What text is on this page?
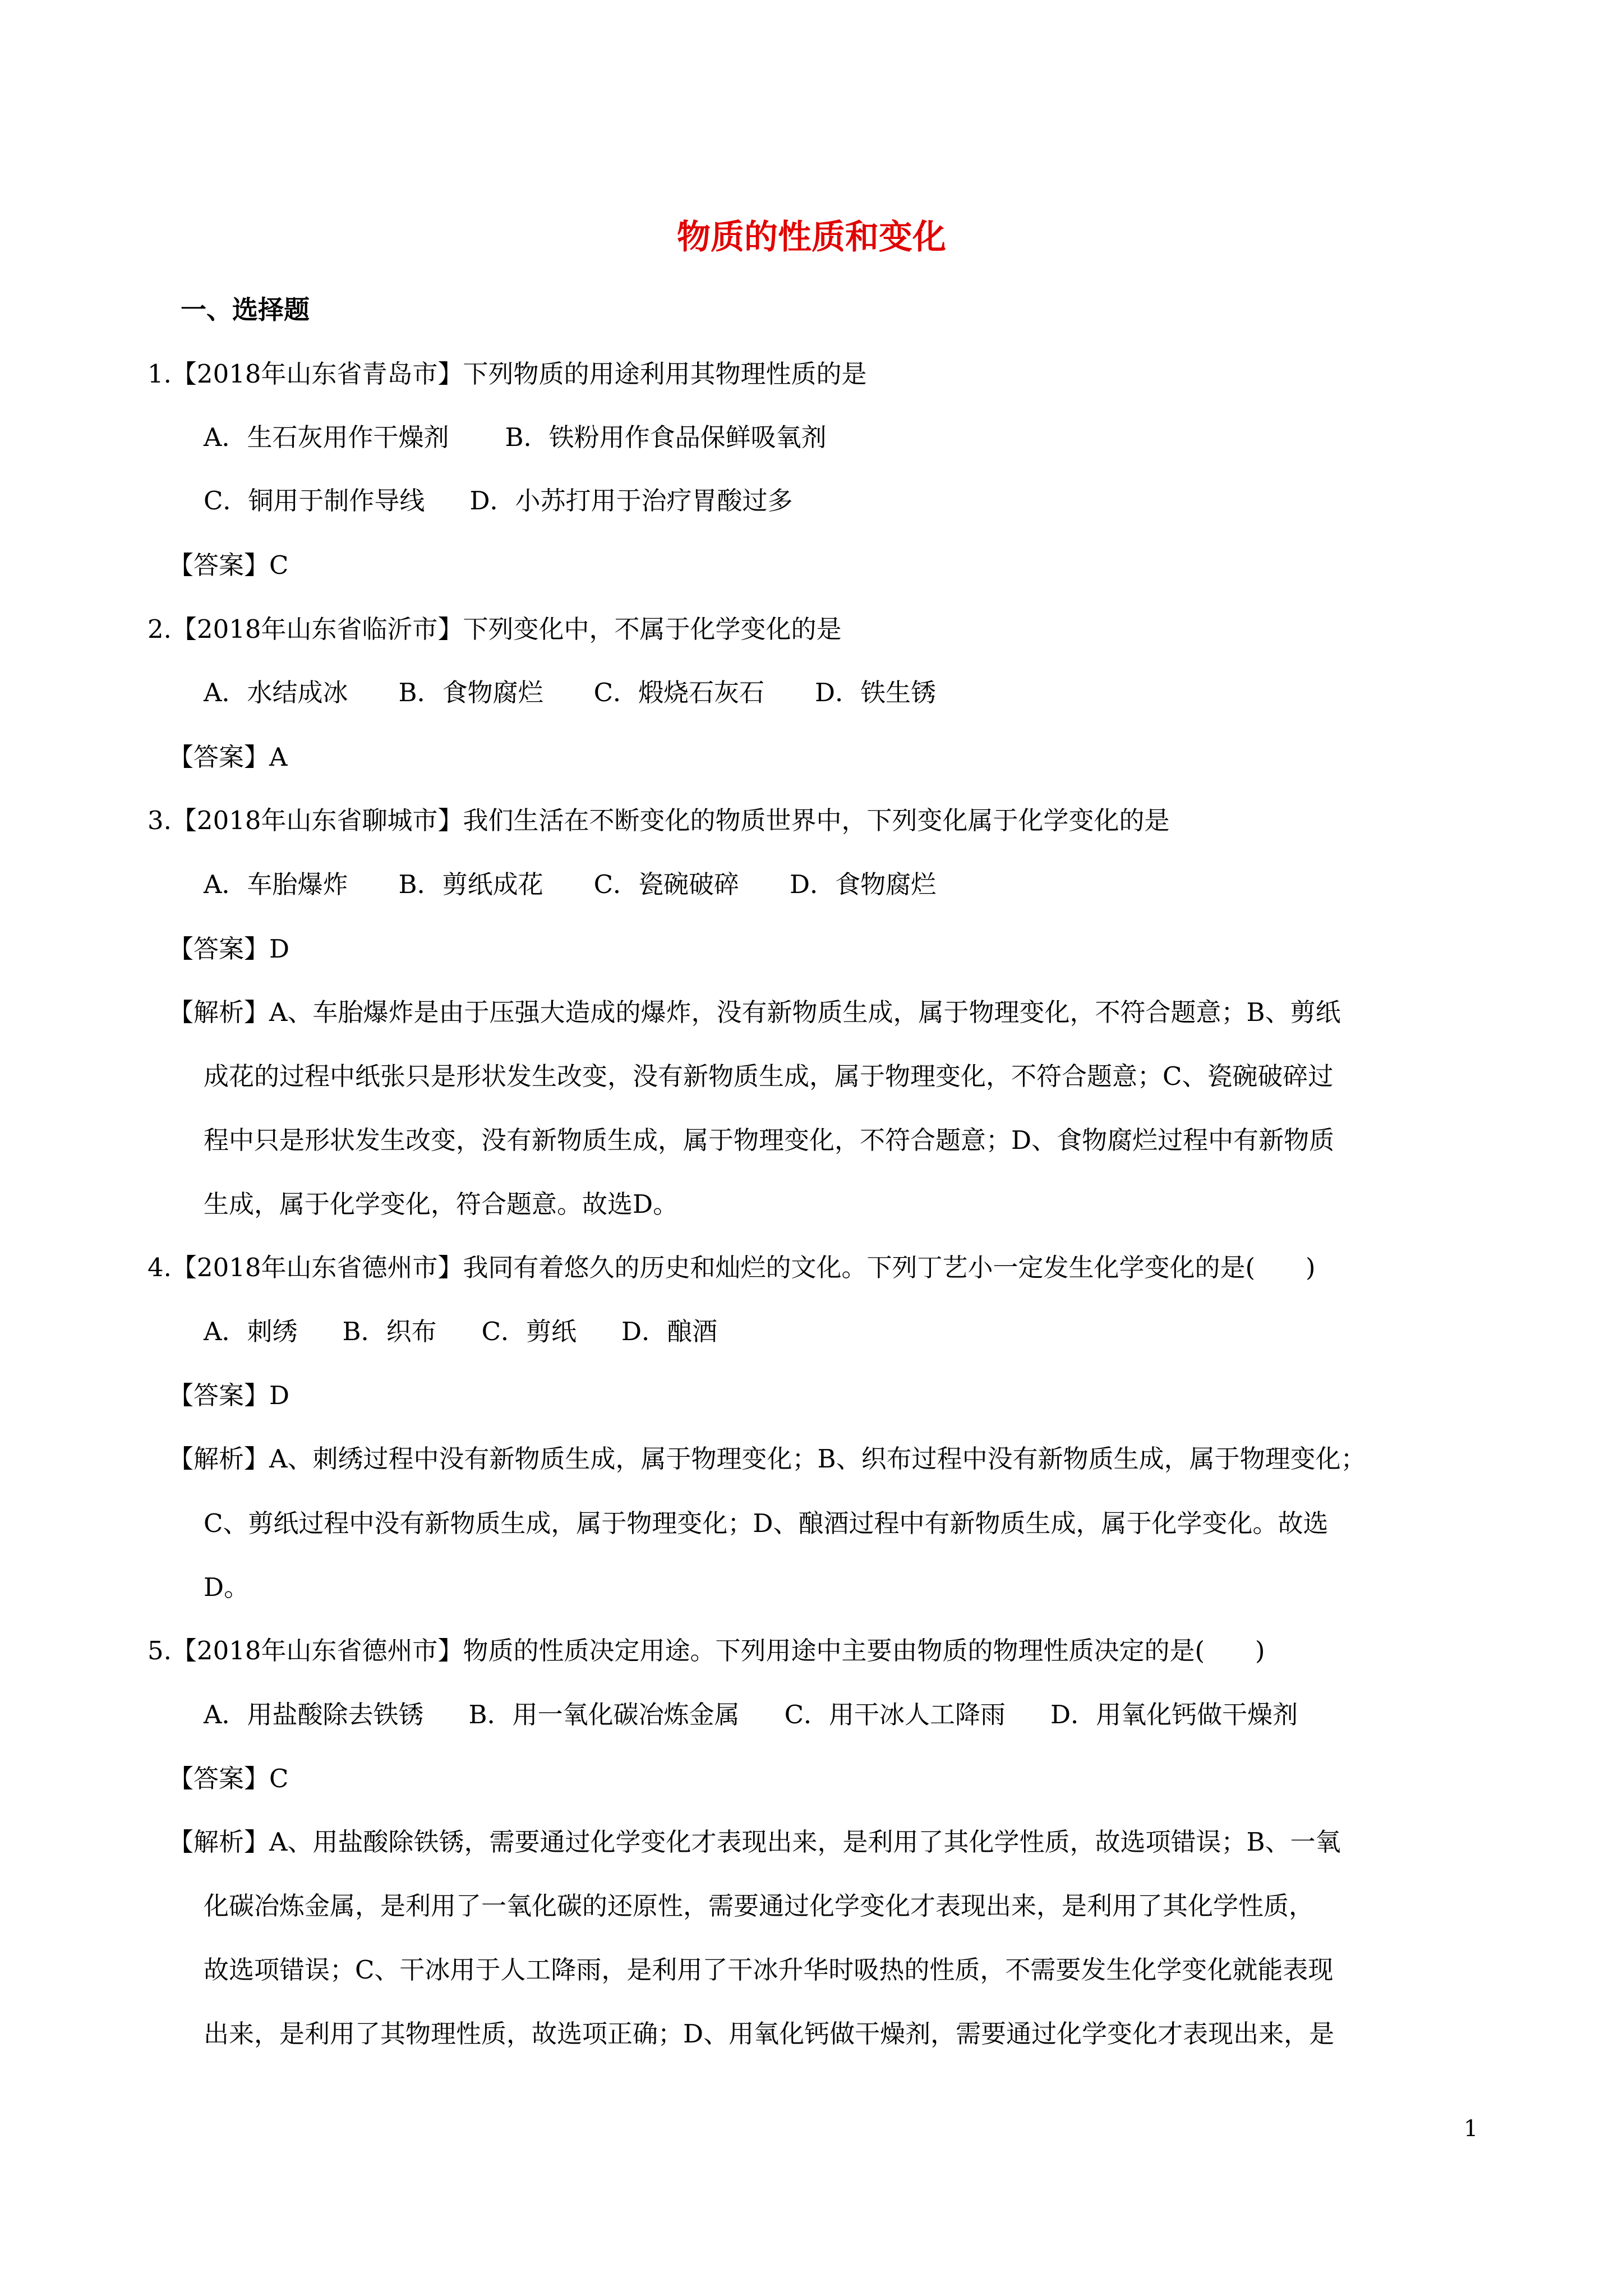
物质的性质和变化
一、选择题
1.【2018年山东省青岛市】下列物质的用途利用其物理性质的是
A．生石灰用作干燥剂 B．铁粉用作食品保鲜吸氧剂
C．铜用于制作导线 D．小苏打用于治疗胃酸过多
【答案】C
2.【2018年山东省临沂市】下列变化中，不属于化学变化的是
A．水结成冰 B．食物腐烂 C．煅烧石灰石 D．铁生锈
【答案】A
3.【2018年山东省聊城市】我们生活在不断变化的物质世界中，下列变化属于化学变化的是
A．车胎爆炸 B．剪纸成花 C．瓷碗破碎 D．食物腐烂
【答案】D
【解析】A、车胎爆炸是由于压强大造成的爆炸，没有新物质生成，属于物理变化，不符合题意；B、剪纸
成花的过程中纸张只是形状发生改变，没有新物质生成，属于物理变化，不符合题意；C、瓷碗破碎过
程中只是形状发生改变，没有新物质生成，属于物理变化，不符合题意；D、食物腐烂过程中有新物质
生成，属于化学变化，符合题意。故选D。
4.【2018年山东省德州市】我同有着悠久的历史和灿烂的文化。下列丁艺小一定发生化学变化的是(　　)
A．刺绣 B．织布 C．剪纸 D．酿酒
【答案】D
【解析】A、刺绣过程中没有新物质生成，属于物理变化；B、织布过程中没有新物质生成，属于物理变化；
C、剪纸过程中没有新物质生成，属于物理变化；D、酿酒过程中有新物质生成，属于化学变化。故选
D。
5.【2018年山东省德州市】物质的性质决定用途。下列用途中主要由物质的物理性质决定的是(　　)
A．用盐酸除去铁锈 B．用一氧化碳冶炼金属 C．用干冰人工降雨 D．用氧化钙做干燥剂
【答案】C
【解析】A、用盐酸除铁锈，需要通过化学变化才表现出来，是利用了其化学性质，故选项错误；B、一氧
化碳冶炼金属，是利用了一氧化碳的还原性，需要通过化学变化才表现出来，是利用了其化学性质，
故选项错误；C、干冰用于人工降雨，是利用了干冰升华时吸热的性质，不需要发生化学变化就能表现
出来，是利用了其物理性质，故选项正确；D、用氧化钙做干燥剂，需要通过化学变化才表现出来，是
1
